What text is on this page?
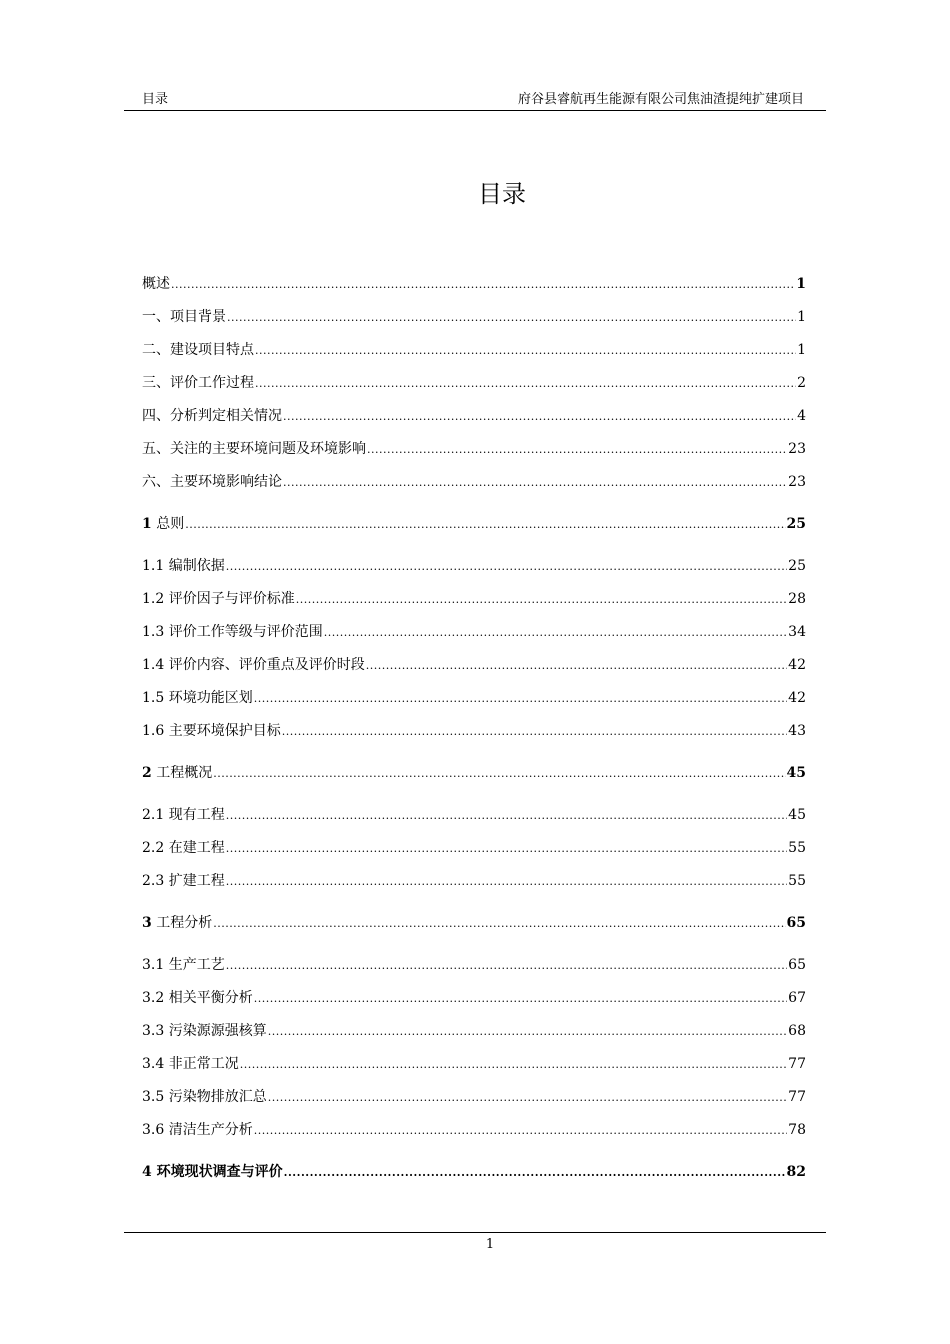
目录	府谷县睿航再生能源有限公司焦油渣提纯扩建项目
目录
概述 .....	1
一、项目背景 .....	1
二、建设项目特点 .....	1
三、评价工作过程 .....	2
四、分析判定相关情况 .....	4
五、关注的主要环境问题及环境影响 .....	23
六、主要环境影响结论 .....	23
1 总则 .....	25
1.1 编制依据 .....	25
1.2 评价因子与评价标准 .....	28
1.3 评价工作等级与评价范围 .....	34
1.4 评价内容、评价重点及评价时段 .....	42
1.5 环境功能区划 .....	42
1.6 主要环境保护目标 .....	43
2 工程概况 .....	45
2.1 现有工程 .....	45
2.2 在建工程 .....	55
2.3 扩建工程 .....	55
3 工程分析 .....	65
3.1 生产工艺 .....	65
3.2 相关平衡分析 .....	67
3.3 污染源源强核算 .....	68
3.4 非正常工况 .....	77
3.5 污染物排放汇总 .....	77
3.6 清洁生产分析 .....	78
4 环境现状调查与评价 .....	82
1
